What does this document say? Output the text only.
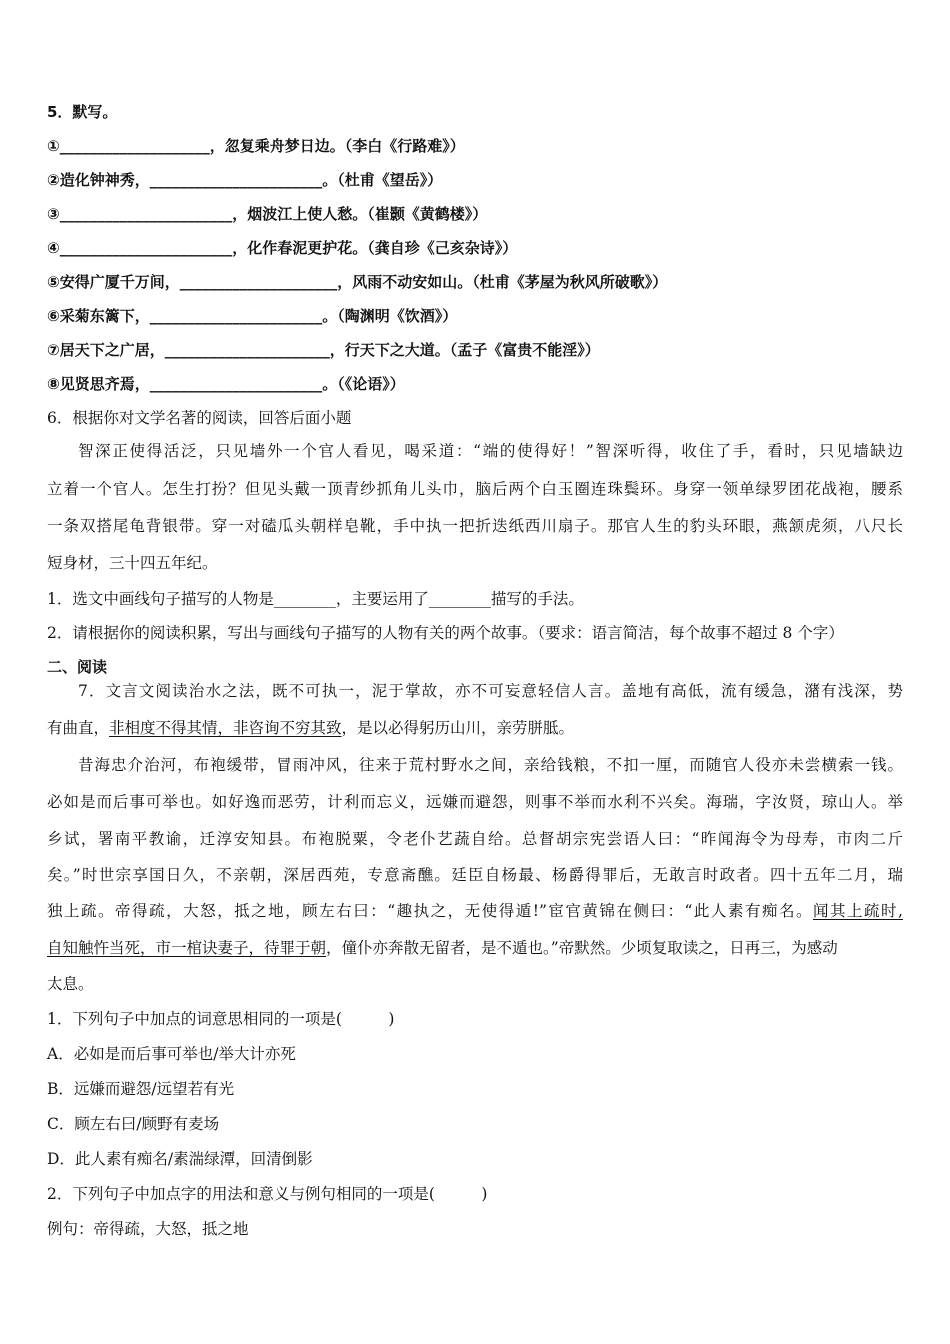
5．默写。
①____________________，忽复乘舟梦日边。（李白《行路难》）
②造化钟神秀，_______________________。（杜甫《望岳》）
③_______________________，烟波江上使人愁。（崔颢《黄鹤楼》）
④_______________________，化作春泥更护花。（龚自珍《己亥杂诗》）
⑤安得广厦千万间，_____________________，风雨不动安如山。（杜甫《茅屋为秋风所破歌》）
⑥采菊东篱下，_______________________。（陶渊明《饮酒》）
⑦居天下之广居，______________________，行天下之大道。（孟子《富贵不能淫》）
⑧见贤思齐焉，_______________________。（《论语》）
6．根据你对文学名著的阅读，回答后面小题
智深正使得活泛，只见墙外一个官人看见，喝采道：“端的使得好！”智深听得，收住了手，看时，只见墙缺边
立着一个官人。怎生打扮？但见头戴一顶青纱抓角儿头巾，脑后两个白玉圈连珠鬓环。身穿一领单绿罗团花战袍，腰系
一条双搭尾龟背银带。穿一对磕瓜头朝样皂靴，手中执一把折迭纸西川扇子。那官人生的豹头环眼，燕颔虎须，八尺长
短身材，三十四五年纪。
1．选文中画线句子描写的人物是________，主要运用了________描写的手法。
2．请根据你的阅读积累，写出与画线句子描写的人物有关的两个故事。（要求：语言简洁，每个故事不超过 8 个字）
二、阅读
7．文言文阅读治水之法，既不可执一，泥于掌故，亦不可妄意轻信人言。盖地有高低，流有缓急，潴有浅深，势
有曲直，非相度不得其情，非咨询不穷其致，是以必得躬历山川，亲劳胼胝。
昔海忠介治河，布袍缓带，冒雨冲风，往来于荒村野水之间，亲给钱粮，不扣一厘，而随官人役亦未尝横索一钱。
必如是而后事可举也。如好逸而恶劳，计利而忘义，远嫌而避怨，则事不举而水利不兴矣。海瑞，字汝贤，琼山人。举
乡试，署南平教谕，迁淳安知县。布袍脱粟，令老仆艺蔬自给。总督胡宗宪尝语人曰：“昨闻海令为母寿，市肉二斤
矣。”时世宗享国日久，不亲朝，深居西苑，专意斋醮。廷臣自杨最、杨爵得罪后，无敢言时政者。四十五年二月，瑞
独上疏。帝得疏，大怒，抵之地，顾左右曰：“趣执之，无使得遁!”宦官黄锦在侧曰：“此人素有痴名。闻其上疏时,
自知触忤当死，市一棺诀妻子，待罪于朝，僮仆亦奔散无留者，是不遁也。”帝默然。少顷复取读之，日再三，为感动
太息。
1．下列句子中加点的词意思相同的一项是(　　　)
A．必如是而后事可举也/举大计亦死
B．远嫌而避怨/远望若有光
C．顾左右曰/顾野有麦场
D．此人素有痴名/素湍绿潭，回清倒影
2．下列句子中加点字的用法和意义与例句相同的一项是(　　　)
例句：帝得疏，大怒，抵之地
